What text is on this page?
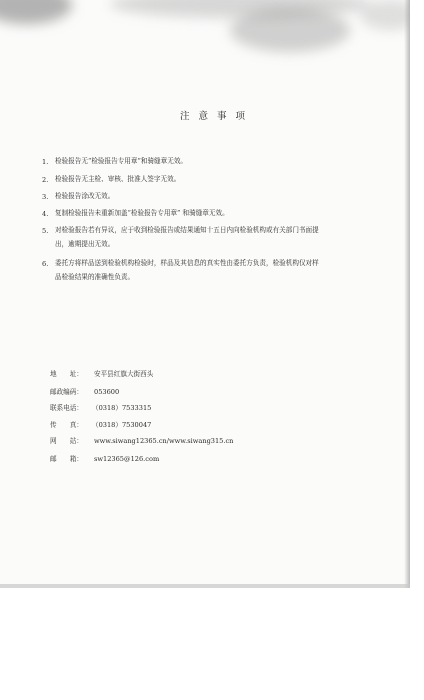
注 意 事 项
1. 检验报告无“检验报告专用章”和骑缝章无效。
2. 检验报告无主检、审核、批准人签字无效。
3. 检验报告涂改无效。
4. 复制检验报告未重新加盖“检验报告专用章” 和骑缝章无效。
5. 对检验报告若有异议，应于收到检验报告或结果通知十五日内向检验机构或有关部门书面提
出，逾期提出无效。
6. 委托方将样品送到检验机构检验时，样品及其信息的真实性由委托方负责，检验机构仅对样
品检验结果的准确性负责。
地　　址： 安平县红旗大街西头
邮政编码： 053600
联系电话： （0318）7533315
传　　真： （0318）7530047
网　　站： www.siwang12365.cn/www.siwang315.cn
邮　　箱： sw12365@126.com
